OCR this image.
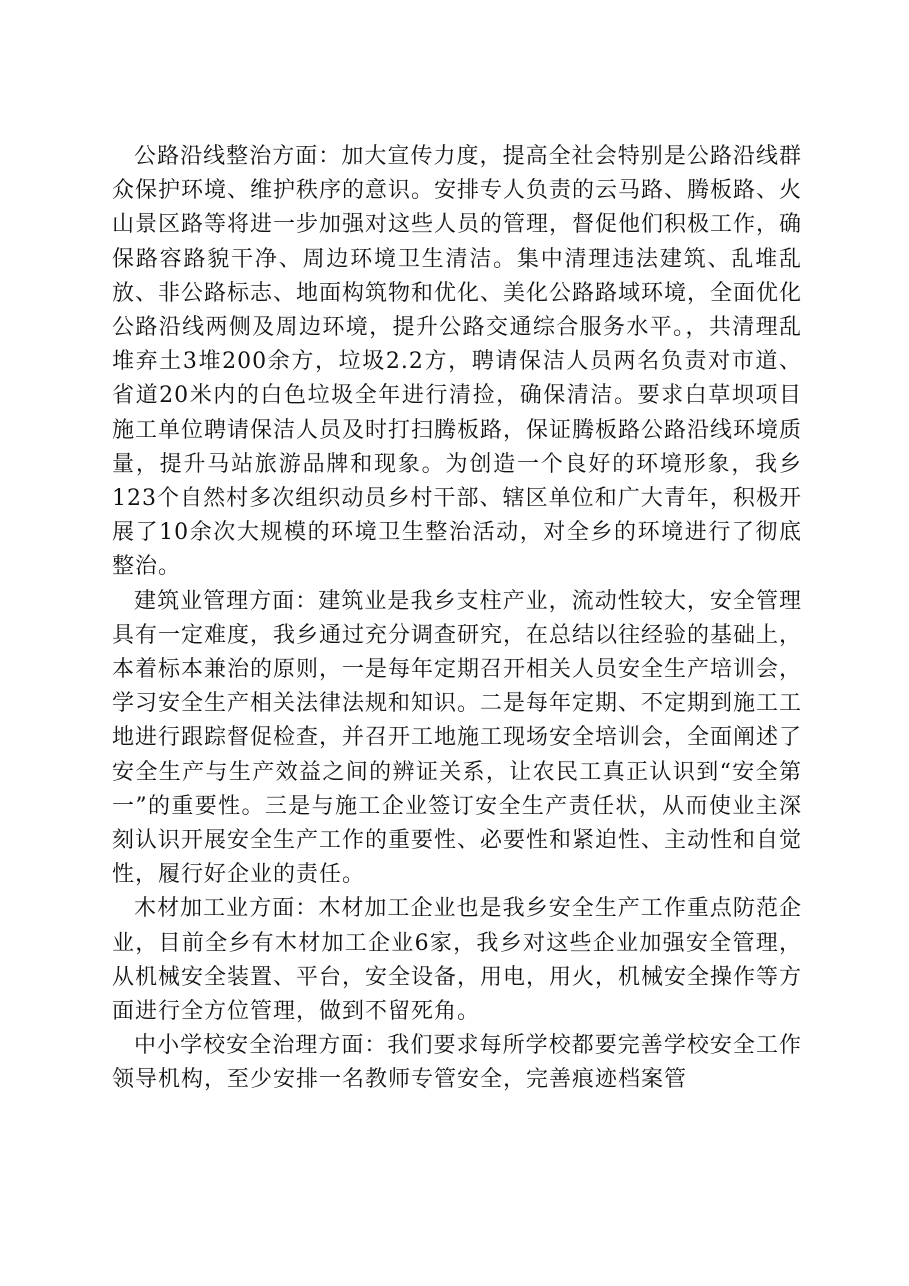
公路沿线整治方面：加大宣传力度，提高全社会特别是公路沿线群众保护环境、维护秩序的意识。安排专人负责的云马路、腾板路、火山景区路等将进一步加强对这些人员的管理，督促他们积极工作，确保路容路貌干净、周边环境卫生清洁。集中清理违法建筑、乱堆乱放、非公路标志、地面构筑物和优化、美化公路路域环境，全面优化公路沿线两侧及周边环境，提升公路交通综合服务水平。，共清理乱堆弃土3堆200余方，垃圾2.2方，聘请保洁人员两名负责对市道、省道20米内的白色垃圾全年进行清捡，确保清洁。要求白草坝项目施工单位聘请保洁人员及时打扫腾板路，保证腾板路公路沿线环境质量，提升马站旅游品牌和现象。为创造一个良好的环境形象，我乡123个自然村多次组织动员乡村干部、辖区单位和广大青年，积极开展了10余次大规模的环境卫生整治活动，对全乡的环境进行了彻底整治。

建筑业管理方面：建筑业是我乡支柱产业，流动性较大，安全管理具有一定难度，我乡通过充分调查研究，在总结以往经验的基础上，本着标本兼治的原则，一是每年定期召开相关人员安全生产培训会，学习安全生产相关法律法规和知识。二是每年定期、不定期到施工工地进行跟踪督促检查，并召开工地施工现场安全培训会，全面阐述了安全生产与生产效益之间的辨证关系，让农民工真正认识到“安全第一”的重要性。三是与施工企业签订安全生产责任状，从而使业主深刻认识开展安全生产工作的重要性、必要性和紧迫性、主动性和自觉性，履行好企业的责任。

木材加工业方面：木材加工企业也是我乡安全生产工作重点防范企业，目前全乡有木材加工企业6家，我乡对这些企业加强安全管理，从机械安全装置、平台，安全设备，用电，用火，机械安全操作等方面进行全方位管理，做到不留死角。

中小学校安全治理方面：我们要求每所学校都要完善学校安全工作领导机构，至少安排一名教师专管安全，完善痕迹档案管
